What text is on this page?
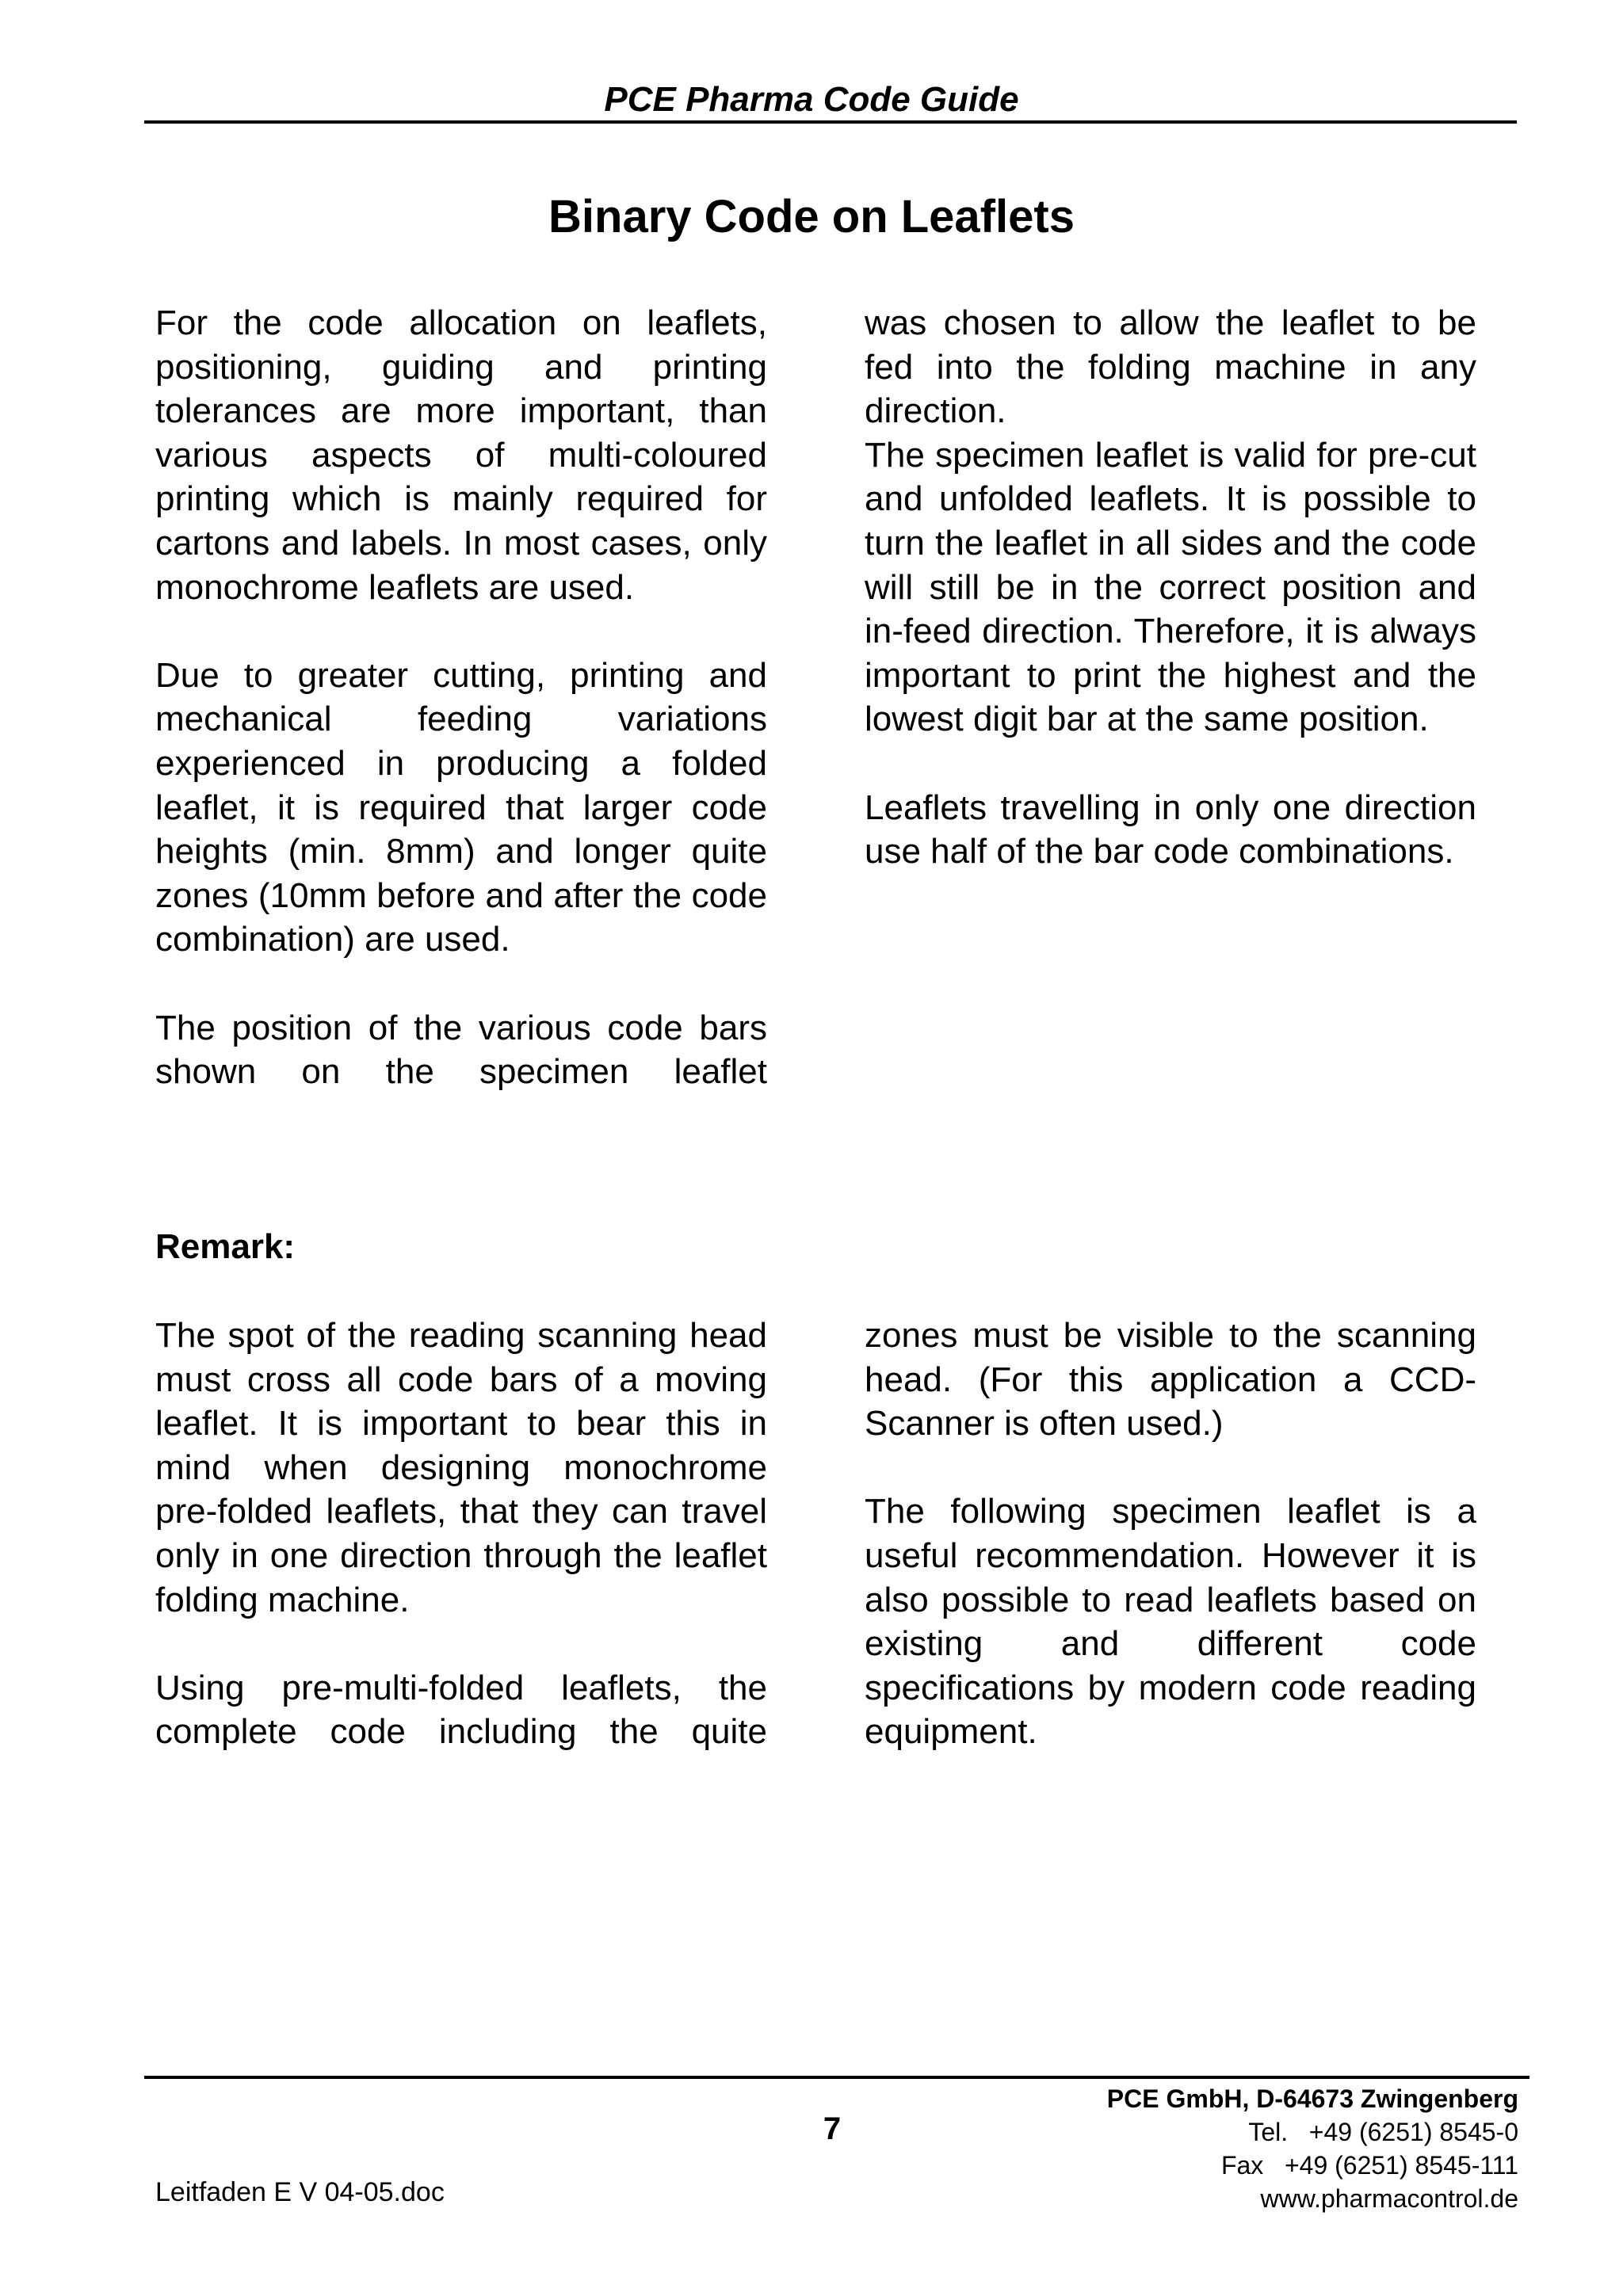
PCE Pharma Code Guide
Binary Code on Leaflets

For the code allocation on leaflets, positioning, guiding and printing tolerances are more important, than various aspects of multi-coloured printing which is mainly required for cartons and labels. In most cases, only monochrome leaflets are used.

Due to greater cutting, printing and mechanical feeding variations experienced in producing a folded leaflet, it is required that larger code heights (min. 8mm) and longer quite zones (10mm before and after the code combination) are used.

The position of the various code bars shown on the specimen leaflet

was chosen to allow the leaflet to be fed into the folding machine in any direction.
The specimen leaflet is valid for pre-cut and unfolded leaflets. It is possible to turn the leaflet in all sides and the code will still be in the correct position and in-feed direction. Therefore, it is always important to print the highest and the lowest digit bar at the same position.

Leaflets travelling in only one direction use half of the bar code combinations.

Remark:

The spot of the reading scanning head must cross all code bars of a moving leaflet. It is important to bear this in mind when designing monochrome pre-folded leaflets, that they can travel only in one direction through the leaflet folding machine.

Using pre-multi-folded leaflets, the complete code including the quite

zones must be visible to the scanning head. (For this application a CCD-Scanner is often used.)

The following specimen leaflet is a useful recommendation. However it is also possible to read leaflets based on existing and different code specifications by modern code reading equipment.

7
Leitfaden E V 04-05.doc
PCE GmbH, D-64673 Zwingenberg
Tel.   +49 (6251) 8545-0
Fax   +49 (6251) 8545-111
www.pharmacontrol.de
